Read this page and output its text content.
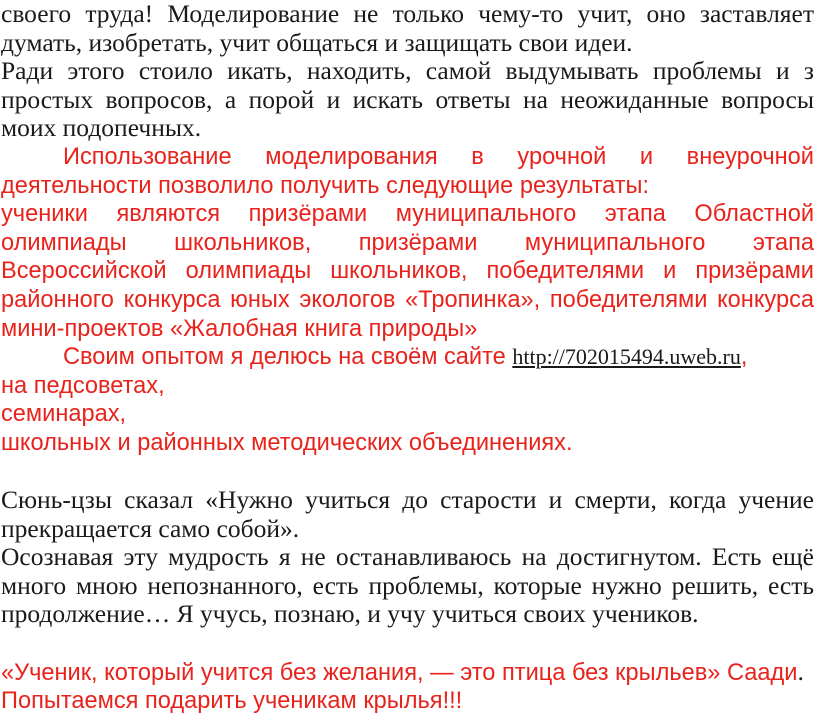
своего труда! Моделирование не только чему-то учит, оно заставляет думать, изобретать, учит общаться и защищать свои идеи.

Ради этого стоило икать, находить, самой выдумывать проблемы и з простых вопросов, а порой и искать ответы на неожиданные вопросы моих подопечных.

Использование моделирования в урочной и внеурочной деятельности позволило получить следующие результаты:

ученики являются призёрами муниципального этапа Областной олимпиады школьников, призёрами муниципального этапа Всероссийской олимпиады школьников, победителями и призёрами районного конкурса юных экологов «Тропинка», победителями конкурса мини-проектов «Жалобная книга природы»

Своим опытом я делюсь на своём сайте http://702015494.uweb.ru,

на педсоветах,

семинарах,

школьных и районных методических объединениях.

Сюнь-цзы сказал «Нужно учиться до старости и смерти, когда учение прекращается само собой».

Осознавая эту мудрость я не останавливаюсь на достигнутом. Есть ещё много мною непознанного, есть проблемы, которые нужно решить, есть продолжение… Я учусь, познаю, и учу учиться своих учеников.

«Ученик, который учится без желания, — это птица без крыльев» Саади.

Попытаемся подарить ученикам крылья!!!
